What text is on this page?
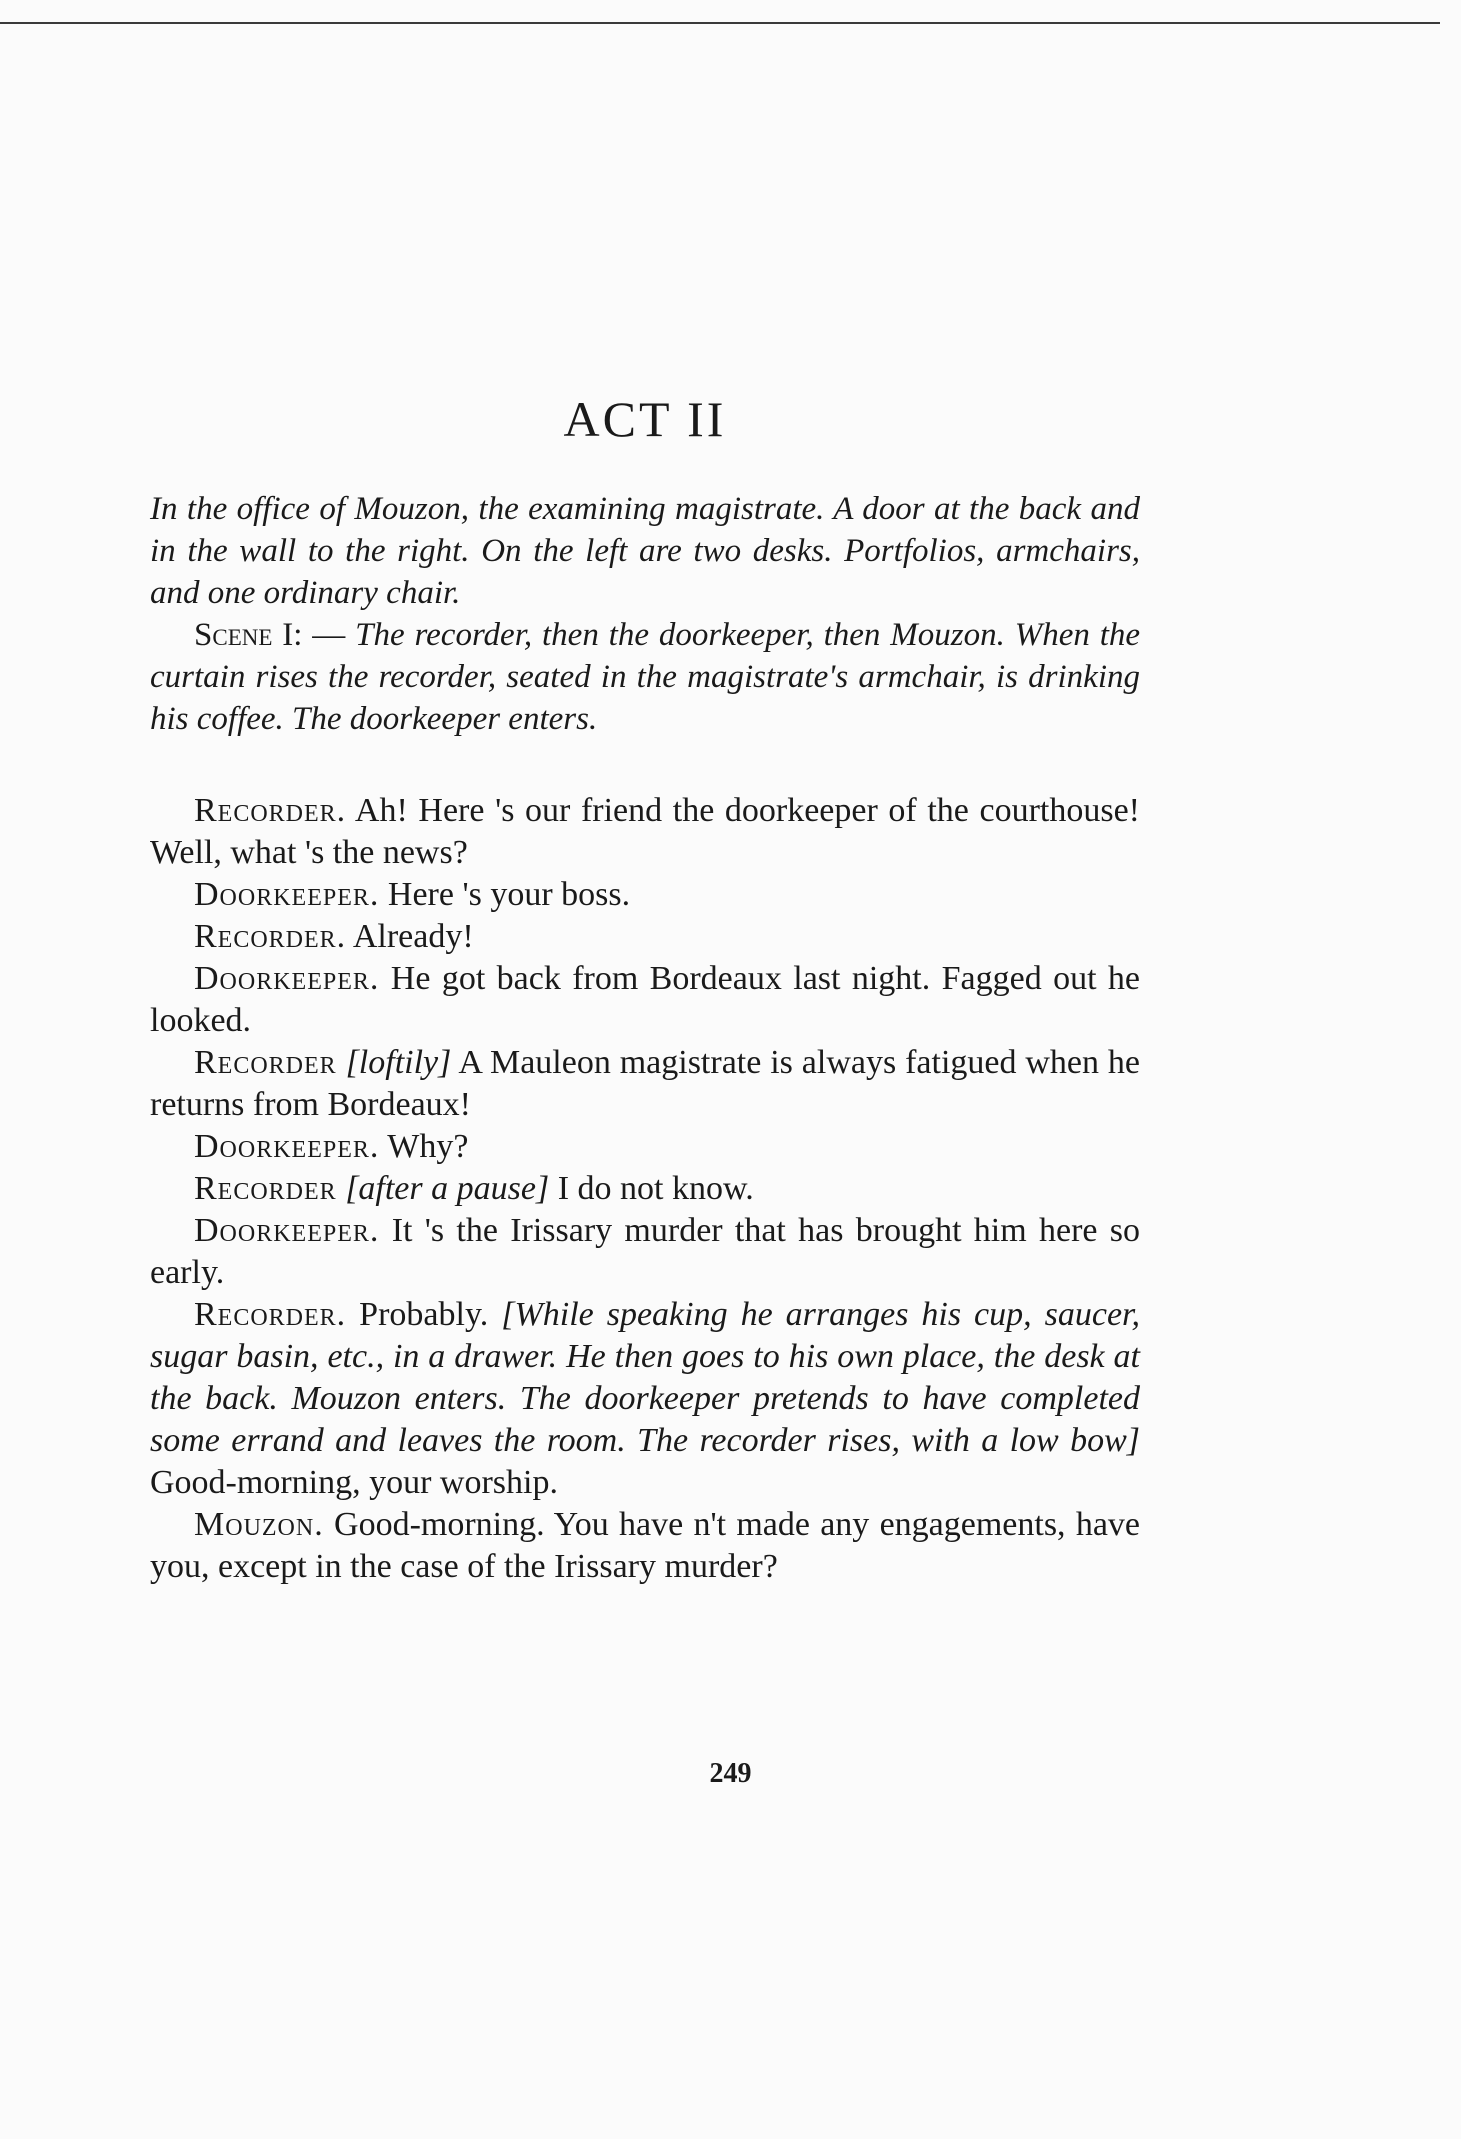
ACT II

In the office of Mouzon, the examining magistrate. A door at the back and in the wall to the right. On the left are two desks. Portfolios, armchairs, and one ordinary chair.

Scene I: — The recorder, then the doorkeeper, then Mouzon. When the curtain rises the recorder, seated in the magistrate's armchair, is drinking his coffee. The doorkeeper enters.

Recorder. Ah! Here 's our friend the doorkeeper of the courthouse! Well, what 's the news?

Doorkeeper. Here 's your boss.

Recorder. Already!

Doorkeeper. He got back from Bordeaux last night. Fagged out he looked.

Recorder [loftily] A Mauleon magistrate is always fatigued when he returns from Bordeaux!

Doorkeeper. Why?

Recorder [after a pause] I do not know.

Doorkeeper. It 's the Irissary murder that has brought him here so early.

Recorder. Probably. [While speaking he arranges his cup, saucer, sugar basin, etc., in a drawer. He then goes to his own place, the desk at the back. Mouzon enters. The doorkeeper pretends to have completed some errand and leaves the room. The recorder rises, with a low bow] Good-morning, your worship.

Mouzon. Good-morning. You have n't made any engagements, have you, except in the case of the Irissary murder?

249
